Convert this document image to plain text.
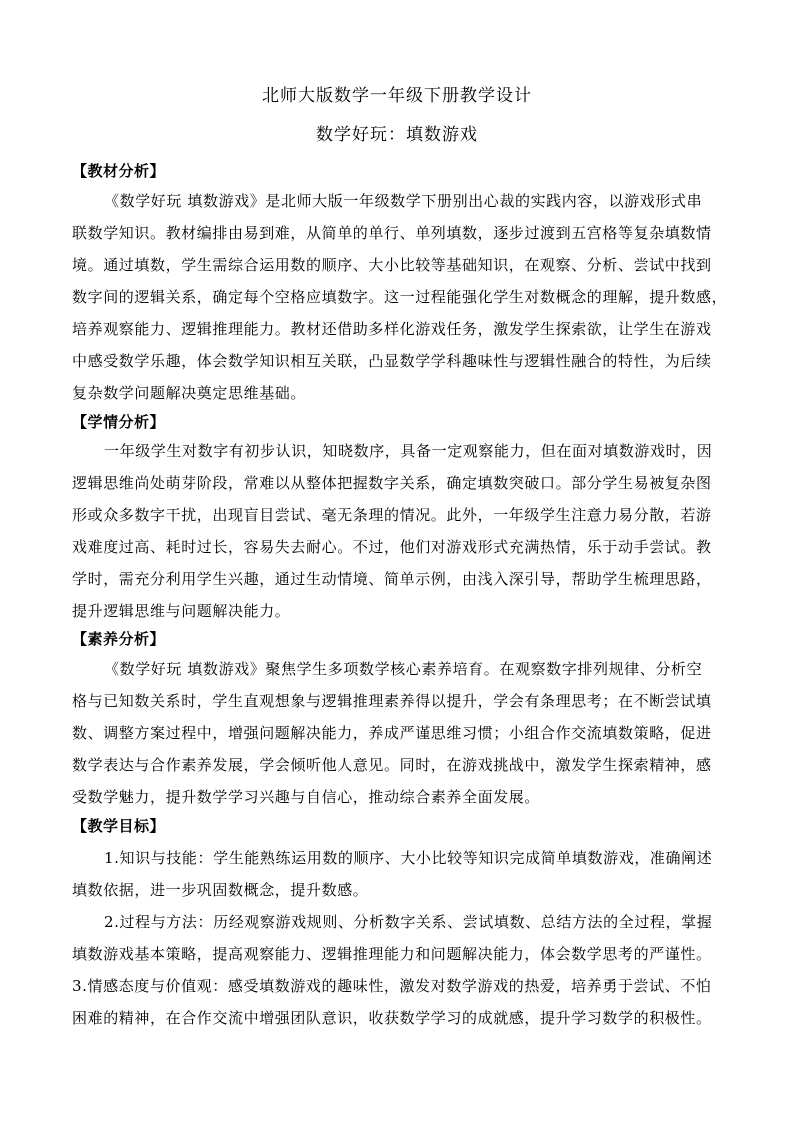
北师大版数学一年级下册教学设计
数学好玩：填数游戏
【教材分析】
《数学好玩 填数游戏》是北师大版一年级数学下册别出心裁的实践内容，以游戏形式串
联数学知识。教材编排由易到难，从简单的单行、单列填数，逐步过渡到五宫格等复杂填数情
境。通过填数，学生需综合运用数的顺序、大小比较等基础知识，在观察、分析、尝试中找到
数字间的逻辑关系，确定每个空格应填数字。这一过程能强化学生对数概念的理解，提升数感，
培养观察能力、逻辑推理能力。教材还借助多样化游戏任务，激发学生探索欲，让学生在游戏
中感受数学乐趣，体会数学知识相互关联，凸显数学学科趣味性与逻辑性融合的特性，为后续
复杂数学问题解决奠定思维基础。
【学情分析】
一年级学生对数字有初步认识，知晓数序，具备一定观察能力，但在面对填数游戏时，因
逻辑思维尚处萌芽阶段，常难以从整体把握数字关系，确定填数突破口。部分学生易被复杂图
形或众多数字干扰，出现盲目尝试、毫无条理的情况。此外，一年级学生注意力易分散，若游
戏难度过高、耗时过长，容易失去耐心。不过，他们对游戏形式充满热情，乐于动手尝试。教
学时，需充分利用学生兴趣，通过生动情境、简单示例，由浅入深引导，帮助学生梳理思路，
提升逻辑思维与问题解决能力。
【素养分析】
《数学好玩 填数游戏》聚焦学生多项数学核心素养培育。在观察数字排列规律、分析空
格与已知数关系时，学生直观想象与逻辑推理素养得以提升，学会有条理思考；在不断尝试填
数、调整方案过程中，增强问题解决能力，养成严谨思维习惯；小组合作交流填数策略，促进
数学表达与合作素养发展，学会倾听他人意见。同时，在游戏挑战中，激发学生探索精神，感
受数学魅力，提升数学学习兴趣与自信心，推动综合素养全面发展。
【教学目标】
1.知识与技能：学生能熟练运用数的顺序、大小比较等知识完成简单填数游戏，准确阐述
填数依据，进一步巩固数概念，提升数感。
2.过程与方法：历经观察游戏规则、分析数字关系、尝试填数、总结方法的全过程，掌握
填数游戏基本策略，提高观察能力、逻辑推理能力和问题解决能力，体会数学思考的严谨性。
3.情感态度与价值观：感受填数游戏的趣味性，激发对数学游戏的热爱，培养勇于尝试、不怕
困难的精神，在合作交流中增强团队意识，收获数学学习的成就感，提升学习数学的积极性。
